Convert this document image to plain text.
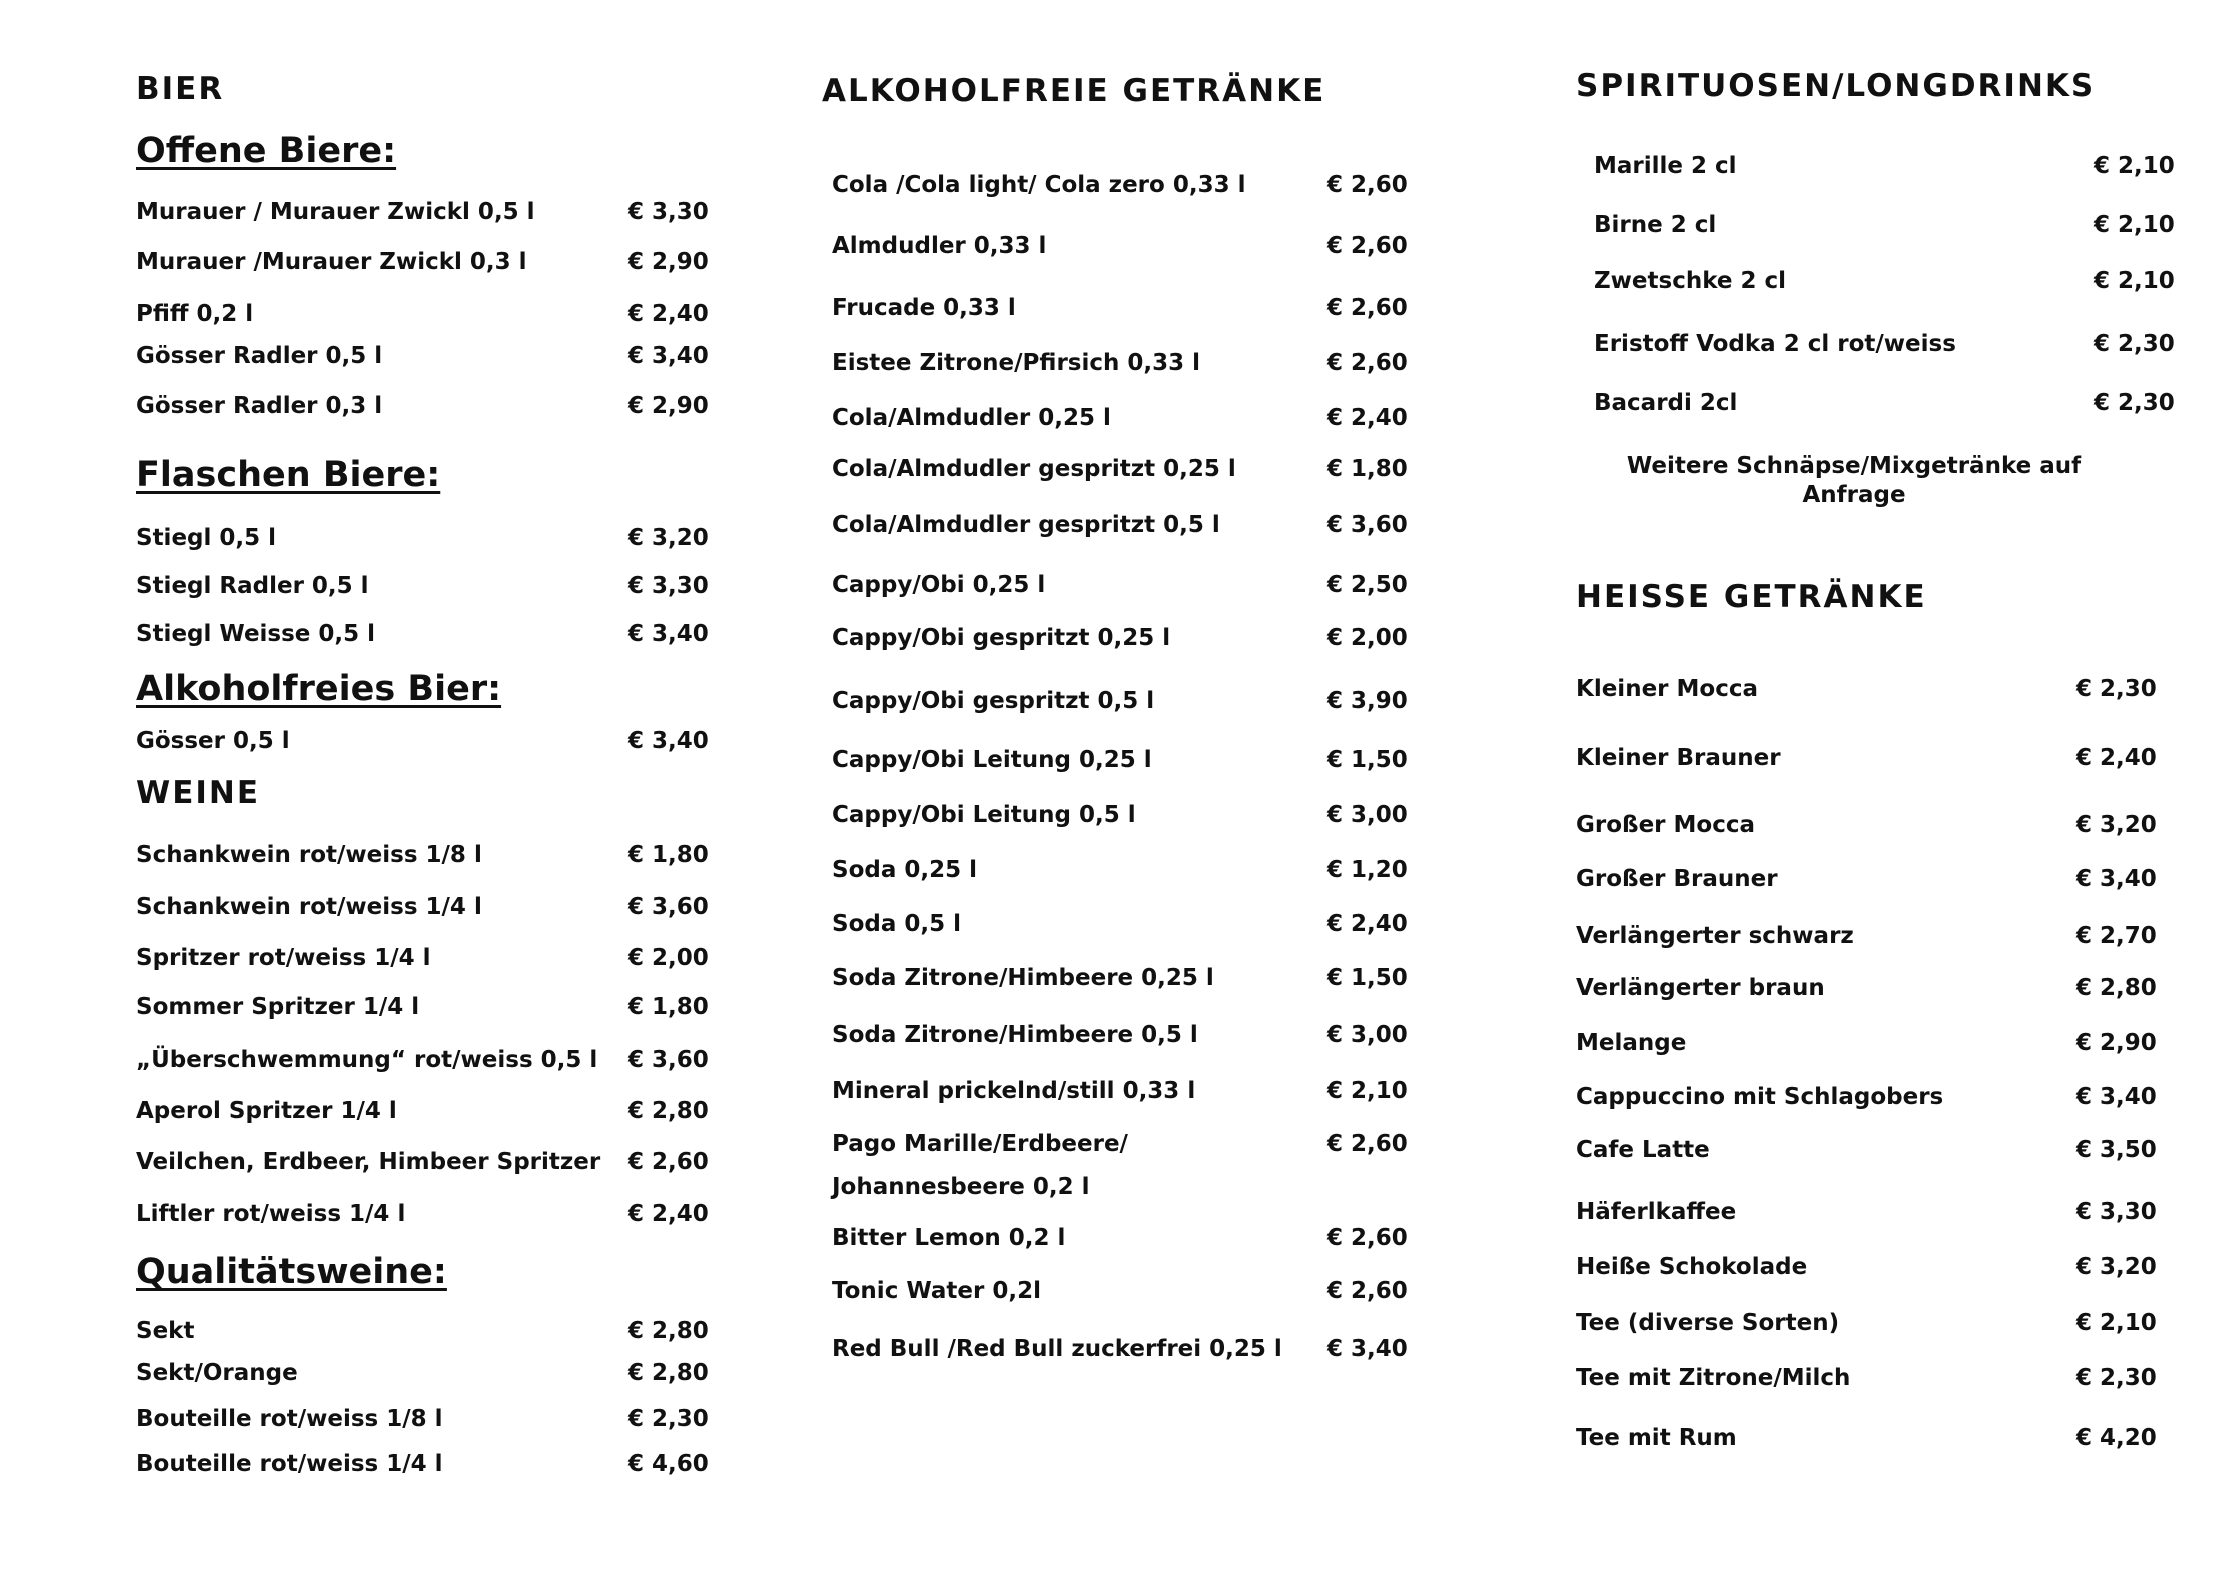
BIER
Offene Biere:
Murauer / Murauer Zwickl 0,5 l	€ 3,30
Murauer /Murauer Zwickl 0,3 l	€ 2,90
Pfiff 0,2 l	€ 2,40
Gösser Radler 0,5 l	€ 3,40
Gösser Radler 0,3 l	€ 2,90
Flaschen Biere:
Stiegl 0,5 l	€ 3,20
Stiegl Radler 0,5 l	€ 3,30
Stiegl Weisse 0,5 l	€ 3,40
Alkoholfreies Bier:
Gösser 0,5 l	€ 3,40
WEINE
Schankwein rot/weiss 1/8 l	€ 1,80
Schankwein rot/weiss 1/4 l	€ 3,60
Spritzer rot/weiss 1/4 l	€ 2,00
Sommer Spritzer 1/4 l	€ 1,80
„Überschwemmung“ rot/weiss 0,5 l € 3,60
Aperol Spritzer 1/4 l	€ 2,80
Veilchen, Erdbeer, Himbeer Spritzer € 2,60
Liftler rot/weiss 1/4 l	€ 2,40
Qualitätsweine:
Sekt	€ 2,80
Sekt/Orange	€ 2,80
Bouteille rot/weiss 1/8 l	€ 2,30
Bouteille rot/weiss 1/4 l	€ 4,60
ALKOHOLFREIE GETRÄNKE
Cola /Cola light/ Cola zero 0,33 l	€ 2,60
Almdudler 0,33 l	€ 2,60
Frucade 0,33 l	€ 2,60
Eistee Zitrone/Pfirsich 0,33 l	€ 2,60
Cola/Almdudler 0,25 l	€ 2,40
Cola/Almdudler gespritzt 0,25 l	€ 1,80
Cola/Almdudler gespritzt 0,5 l	€ 3,60
Cappy/Obi 0,25 l	€ 2,50
Cappy/Obi gespritzt 0,25 l	€ 2,00
Cappy/Obi gespritzt 0,5 l	€ 3,90
Cappy/Obi Leitung 0,25 l	€ 1,50
Cappy/Obi Leitung 0,5 l	€ 3,00
Soda 0,25 l	€ 1,20
Soda 0,5 l	€ 2,40
Soda Zitrone/Himbeere 0,25 l	€ 1,50
Soda Zitrone/Himbeere 0,5 l	€ 3,00
Mineral prickelnd/still 0,33 l	€ 2,10
Pago Marille/Erdbeere/
Johannesbeere 0,2 l
€ 2,60
Bitter Lemon 0,2 l	€ 2,60
Tonic Water 0,2l	€ 2,60
Red Bull /Red Bull zuckerfrei 0,25 l € 3,40
SPIRITUOSEN/LONGDRINKS
Marille 2 cl	€ 2,10
Birne 2 cl	€ 2,10
Zwetschke 2 cl	€ 2,10
Eristoff Vodka 2 cl rot/weiss	€ 2,30
Bacardi 2cl	€ 2,30

Weitere Schnäpse/Mixgetränke auf Anfrage

HEISSE GETRÄNKE
Kleiner Mocca	€ 2,30
Kleiner Brauner	€ 2,40
Großer Mocca	€ 3,20
Großer Brauner	€ 3,40
Verlängerter schwarz	€ 2,70
Verlängerter braun	€ 2,80
Melange	€ 2,90
Cappuccino mit Schlagobers	€ 3,40
Cafe Latte	€ 3,50
Häferlkaffee	€ 3,30
Heiße Schokolade	€ 3,20
Tee (diverse Sorten)	€ 2,10
Tee mit Zitrone/Milch	€ 2,30
Tee mit Rum	€ 4,20
